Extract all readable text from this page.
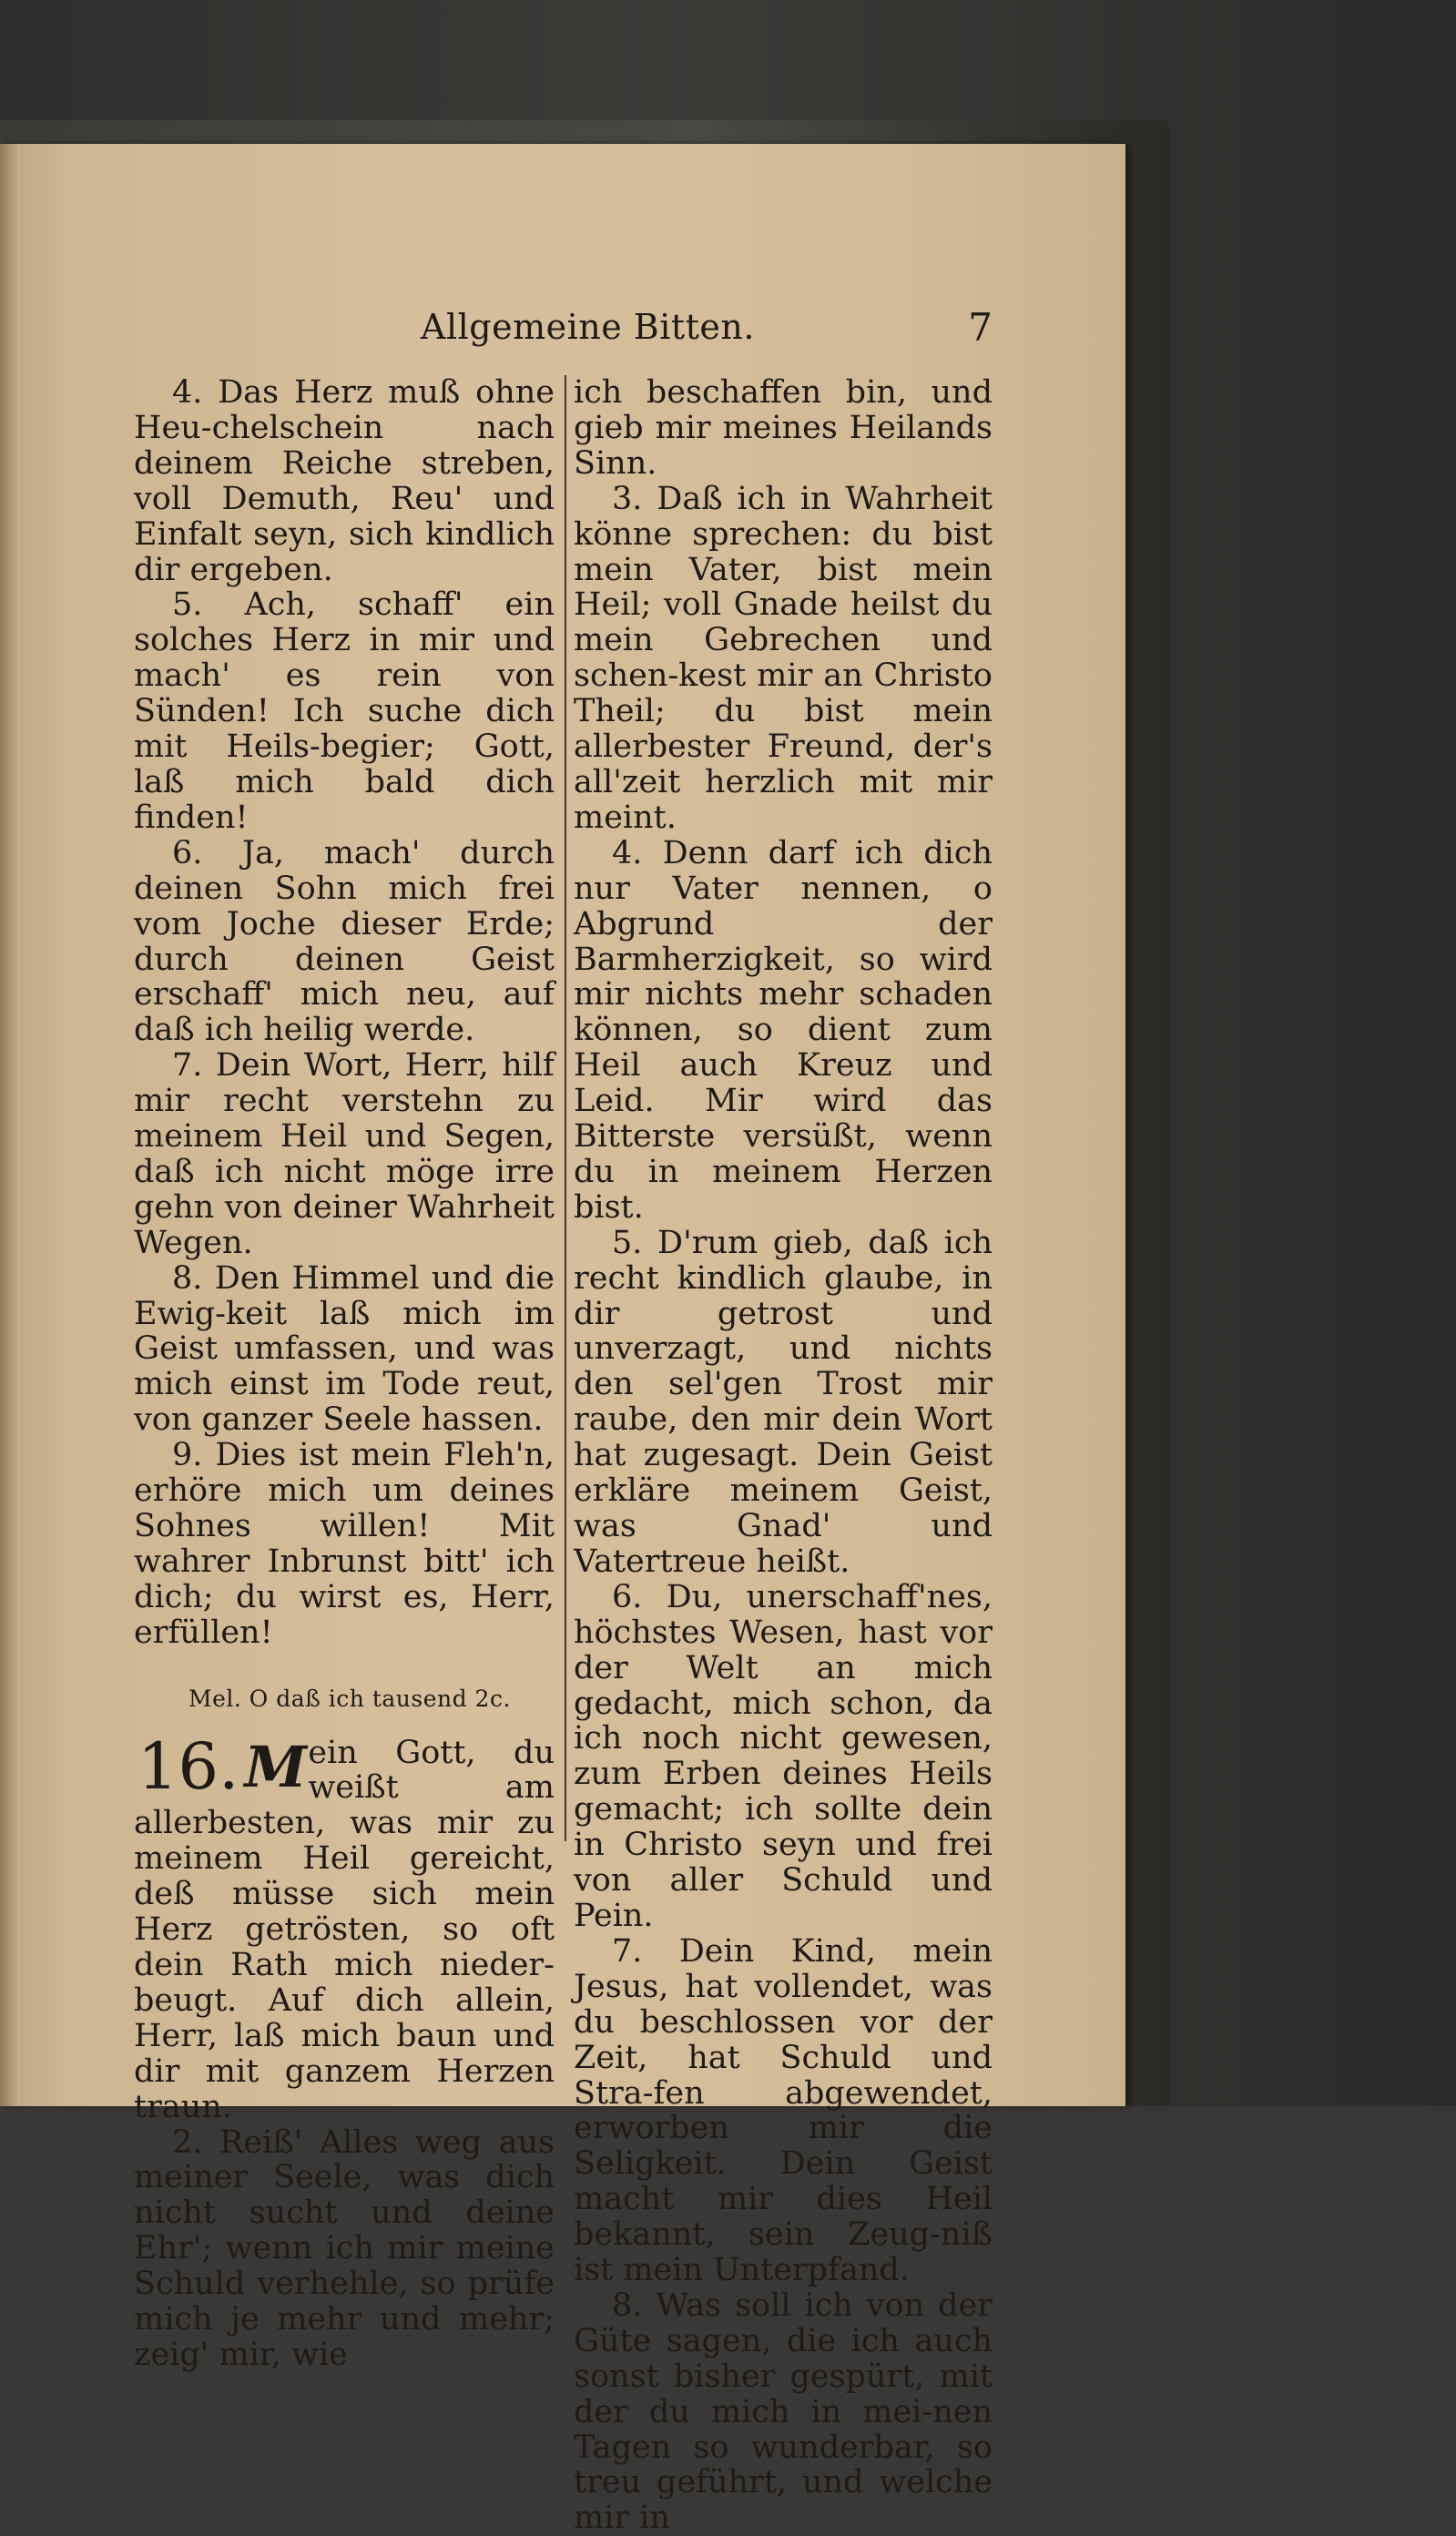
Allgemeine Bitten.	7

4. Das Herz muß ohne Heu-chelschein nach deinem Reiche streben, voll Demuth, Reu' und Einfalt seyn, sich kindlich dir ergeben.

5. Ach, schaff' ein solches Herz in mir und mach' es rein von Sünden! Ich suche dich mit Heils-begier; Gott, laß mich bald dich finden!

6. Ja, mach' durch deinen Sohn mich frei vom Joche dieser Erde; durch deinen Geist erschaff' mich neu, auf daß ich heilig werde.

7. Dein Wort, Herr, hilf mir recht verstehn zu meinem Heil und Segen, daß ich nicht möge irre gehn von deiner Wahrheit Wegen.

8. Den Himmel und die Ewig-keit laß mich im Geist umfassen, und was mich einst im Tode reut, von ganzer Seele hassen.

9. Dies ist mein Fleh'n, erhöre mich um deines Sohnes willen! Mit wahrer Inbrunst bitt' ich dich; du wirst es, Herr, erfüllen!

Mel. O daß ich tausend 2c.
16. M ein Gott, du weißt am allerbesten, was mir zu meinem Heil gereicht, deß müsse sich mein Herz getrösten, so oft dein Rath mich nieder-beugt. Auf dich allein, Herr, laß mich baun und dir mit ganzem Herzen traun.

2. Reiß' Alles weg aus meiner Seele, was dich nicht sucht und deine Ehr'; wenn ich mir meine Schuld verhehle, so prüfe mich je mehr und mehr; zeig' mir, wie

ich beschaffen bin, und gieb mir meines Heilands Sinn.

3. Daß ich in Wahrheit könne sprechen: du bist mein Vater, bist mein Heil; voll Gnade heilst du mein Gebrechen und schen-kest mir an Christo Theil; du bist mein allerbester Freund, der's all'zeit herzlich mit mir meint.

4. Denn darf ich dich nur Vater nennen, o Abgrund der Barmherzigkeit, so wird mir nichts mehr schaden können, so dient zum Heil auch Kreuz und Leid. Mir wird das Bitterste versüßt, wenn du in meinem Herzen bist.

5. D'rum gieb, daß ich recht kindlich glaube, in dir getrost und unverzagt, und nichts den sel'gen Trost mir raube, den mir dein Wort hat zugesagt. Dein Geist erkläre meinem Geist, was Gnad' und Vatertreue heißt.

6. Du, unerschaff'nes, höchstes Wesen, hast vor der Welt an mich gedacht, mich schon, da ich noch nicht gewesen, zum Erben deines Heils gemacht; ich sollte dein in Christo seyn und frei von aller Schuld und Pein.

7. Dein Kind, mein Jesus, hat vollendet, was du beschlossen vor der Zeit, hat Schuld und Stra-fen abgewendet, erworben mir die Seligkeit. Dein Geist macht mir dies Heil bekannt, sein Zeug-niß ist mein Unterpfand.

8. Was soll ich von der Güte sagen, die ich auch sonst bisher gespürt, mit der du mich in mei-nen Tagen so wunderbar, so treu geführt, und welche mir in
